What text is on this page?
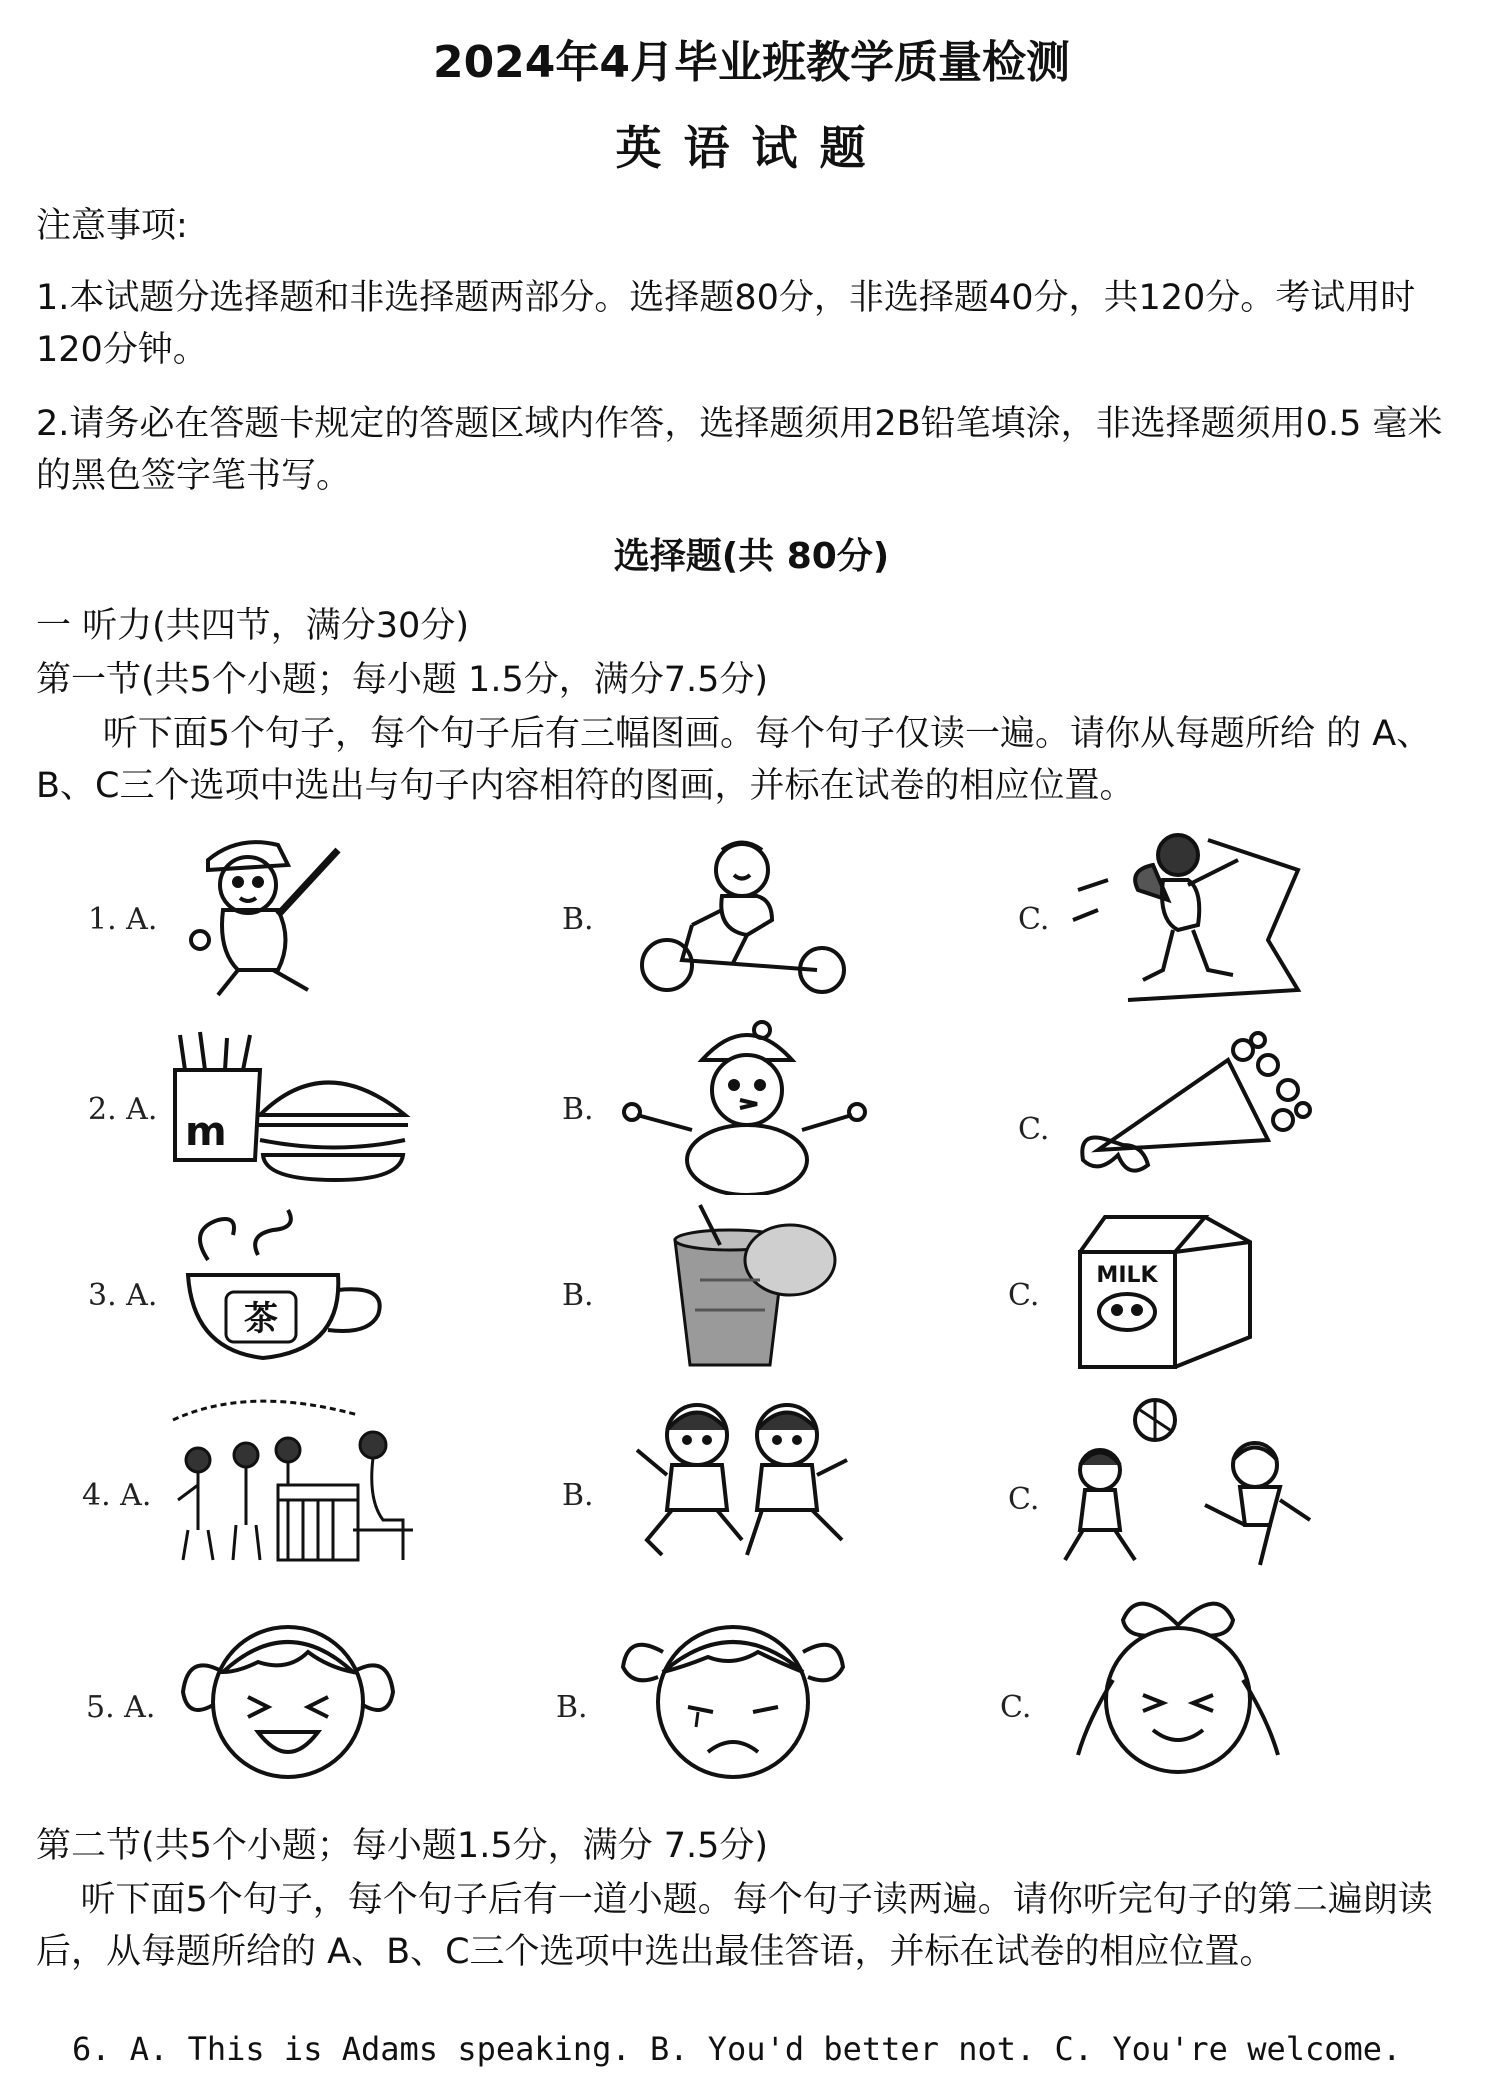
2024年4月毕业班教学质量检测
英语试题

注意事项:

1.本试题分选择题和非选择题两部分。选择题80分，非选择题40分，共120分。考试用时 120分钟。

2.请务必在答题卡规定的答题区域内作答，选择题须用2B铅笔填涂，非选择题须用0.5 毫米的黑色签字笔书写。

选择题(共 80分)

一 听力(共四节，满分30分)

第一节(共5个小题；每小题 1.5分，满分7.5分)

听下面5个句子，每个句子后有三幅图画。每个句子仅读一遍。请你从每题所给 的 A、B、C三个选项中选出与句子内容相符的图画，并标在试卷的相应位置。

1. A.	B.	C.
2. A. m	B.
C.
3. A.
茶
B.	C.
MILK
4. A.	B.	C.
5. A.	B.	C.

第二节(共5个小题；每小题1.5分，满分 7.5分)

听下面5个句子，每个句子后有一道小题。每个句子读两遍。请你听完句子的第二遍朗读后，从每题所给的 A、B、C三个选项中选出最佳答语，并标在试卷的相应位置。

6. A. This is Adams speaking. B. You'd better not. C. You're welcome.
